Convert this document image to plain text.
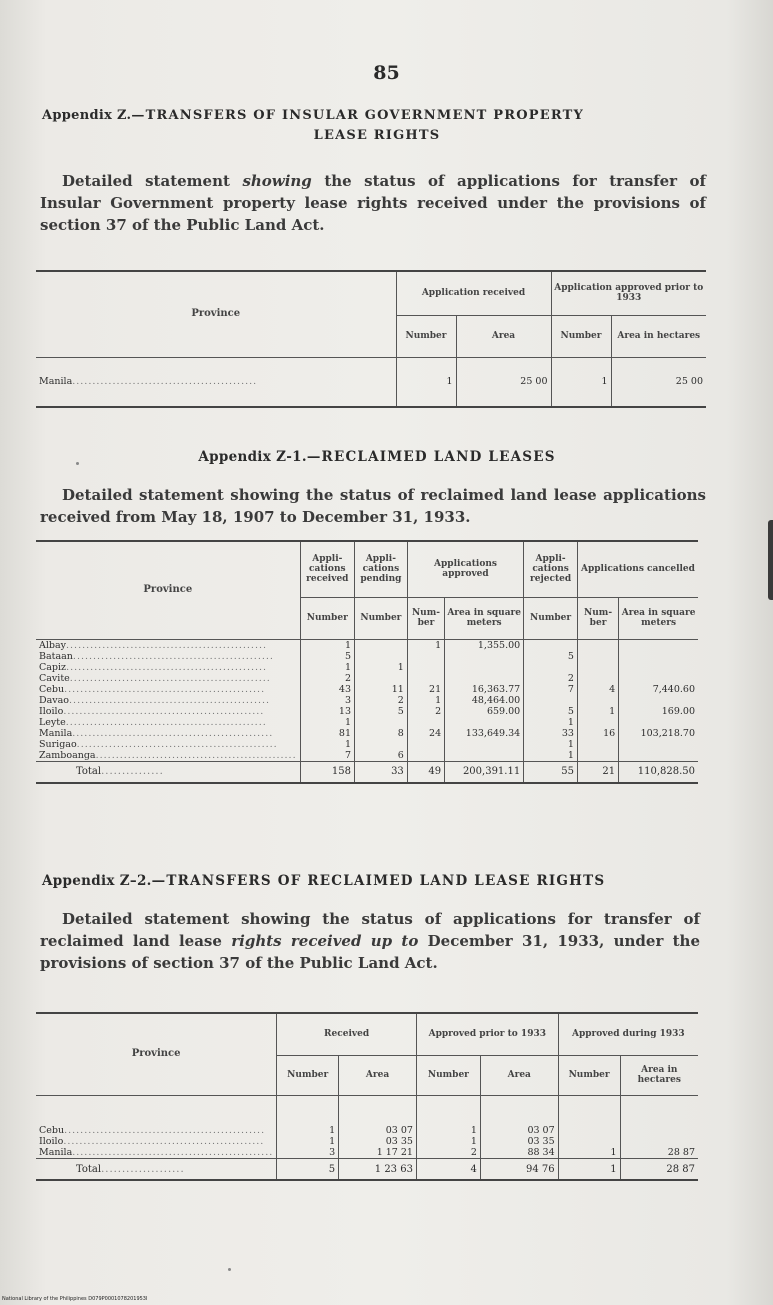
85
Appendix Z.—TRANSFERS OF INSULAR GOVERNMENT PROPERTY
LEASE RIGHTS
Detailed statement showing the status of applications for transfer of Insular Government property lease rights received under the provisions of section 37 of the Public Land Act.
Province	Application received		Application approved prior to 1933	
	Number	Area	Number	Area in hectares
Manila..............................................	1	25 00	1	25 00
Appendix Z-1.—RECLAIMED LAND LEASES
Detailed statement showing the status of reclaimed land lease applications received from May 18, 1907 to December 31, 1933.
Province	Appli-cations received	Appli-cations pending	Applications approved		Appli-cations rejected	Applications cancelled	
	Number	Number	Num-ber	Area in square meters	Number	Num-ber	Area in square meters
Albay..................................................	1		1	1,355.00			
Bataan..................................................	5				5		
Capiz..................................................	1	1					
Cavite..................................................	2				2		
Cebu..................................................	43	11	21	16,363.77	7	4	7,440.60
Davao..................................................	3	2	1	48,464.00			
Iloilo..................................................	13	5	2	659.00	5	1	169.00
Leyte..................................................	1				1		
Manila..................................................	81	8	24	133,649.34	33	16	103,218.70
Surigao..................................................	1				1		
Zamboanga..................................................	7	6			1		
Total...............	158	33	49	200,391.11	55	21	110,828.50
Appendix Z–2.—TRANSFERS OF RECLAIMED LAND LEASE RIGHTS
Detailed statement showing the status of applications for transfer of reclaimed land lease rights received up to December 31, 1933, under the provisions of section 37 of the Public Land Act.
Province	Received		Approved prior to 1933		Approved during 1933	
	Number	Area	Number	Area	Number	Area in hectares

Cebu..................................................	1	03 07	1	03 07		
Iloilo..................................................	1	03 35	1	03 35		
Manila..................................................	3	1 17 21	2	88 34	1	28 87
Total....................	5	1 23 63	4	94 76	1	28 87
National Library of the Philippines D079P0001078201953I
